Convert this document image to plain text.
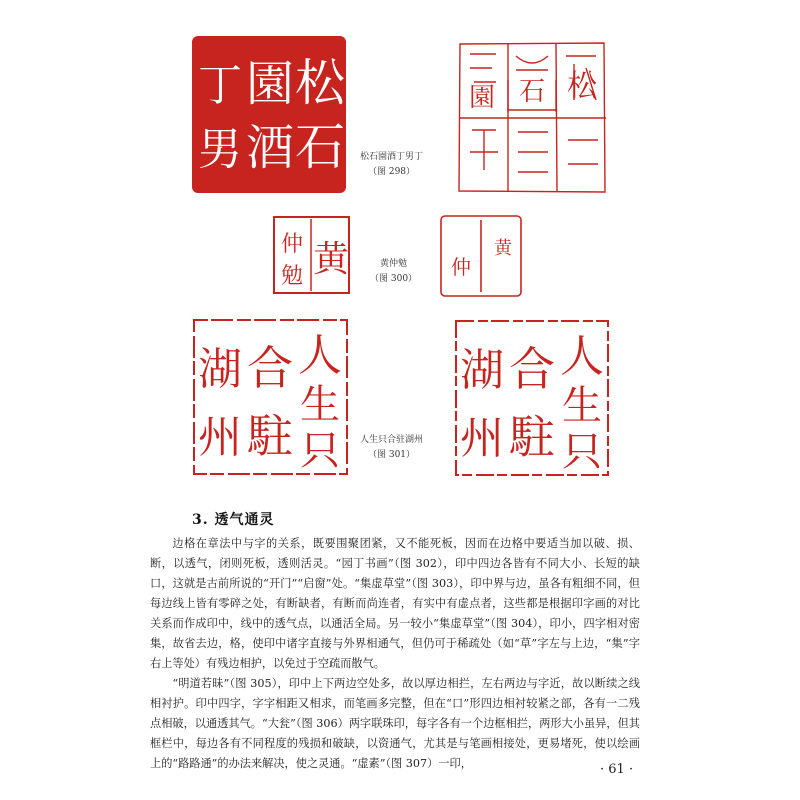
松
石
園
酒
丁
男
松
石
園
松石園酒丁男丁
（图 298）
黄
仲
勉	仲
黄
黄仲勉
（图 300）
人
生
只
合
駐
湖
州
人
生
只
合
駐
湖
州
人生只合驻湖州
（图 301）
3. 透气通灵

边格在章法中与字的关系，既要围聚团紧，又不能死板，因而在边格中要适当加以破、损、断，以透气，闭则死板，透则活灵。“园丁书画”（图 302），印中四边各皆有不同大小、长短的缺口，这就是古前所说的“开门”“启窗”处。“集虚草堂”（图 303），印中界与边，虽各有粗细不同，但每边线上皆有零碎之处，有断缺者，有断而尚连者，有实中有虚点者，这些都是根据印字画的对比关系而作成印中，线中的透气点，以通活全局。另一较小“集虚草堂”（图 304），印小，四字相对密集，故省去边，格，使印中诸字直接与外界相通气，但仍可于稀疏处（如“草”字左与上边，“集”字右上等处）有残边相护，以免过于空疏而散气。

“明道若昧”（图 305），印中上下两边空处多，故以厚边相拦，左右两边与字近，故以断续之线相衬护。印中四字，字字相距又相求，而笔画多完整，但在“口”形四边相衬较紧之部，各有一二残点相破，以通透其气。“大瓮”（图 306）两字联珠印，每字各有一个边框相拦，两形大小虽异，但其框栏中，每边各有不同程度的残损和破缺，以资通气，尤其是与笔画相接处，更易堵死，使以绘画上的“路路通”的办法来解决，使之灵通。“虚素”（图 307）一印，	· 61 ·
